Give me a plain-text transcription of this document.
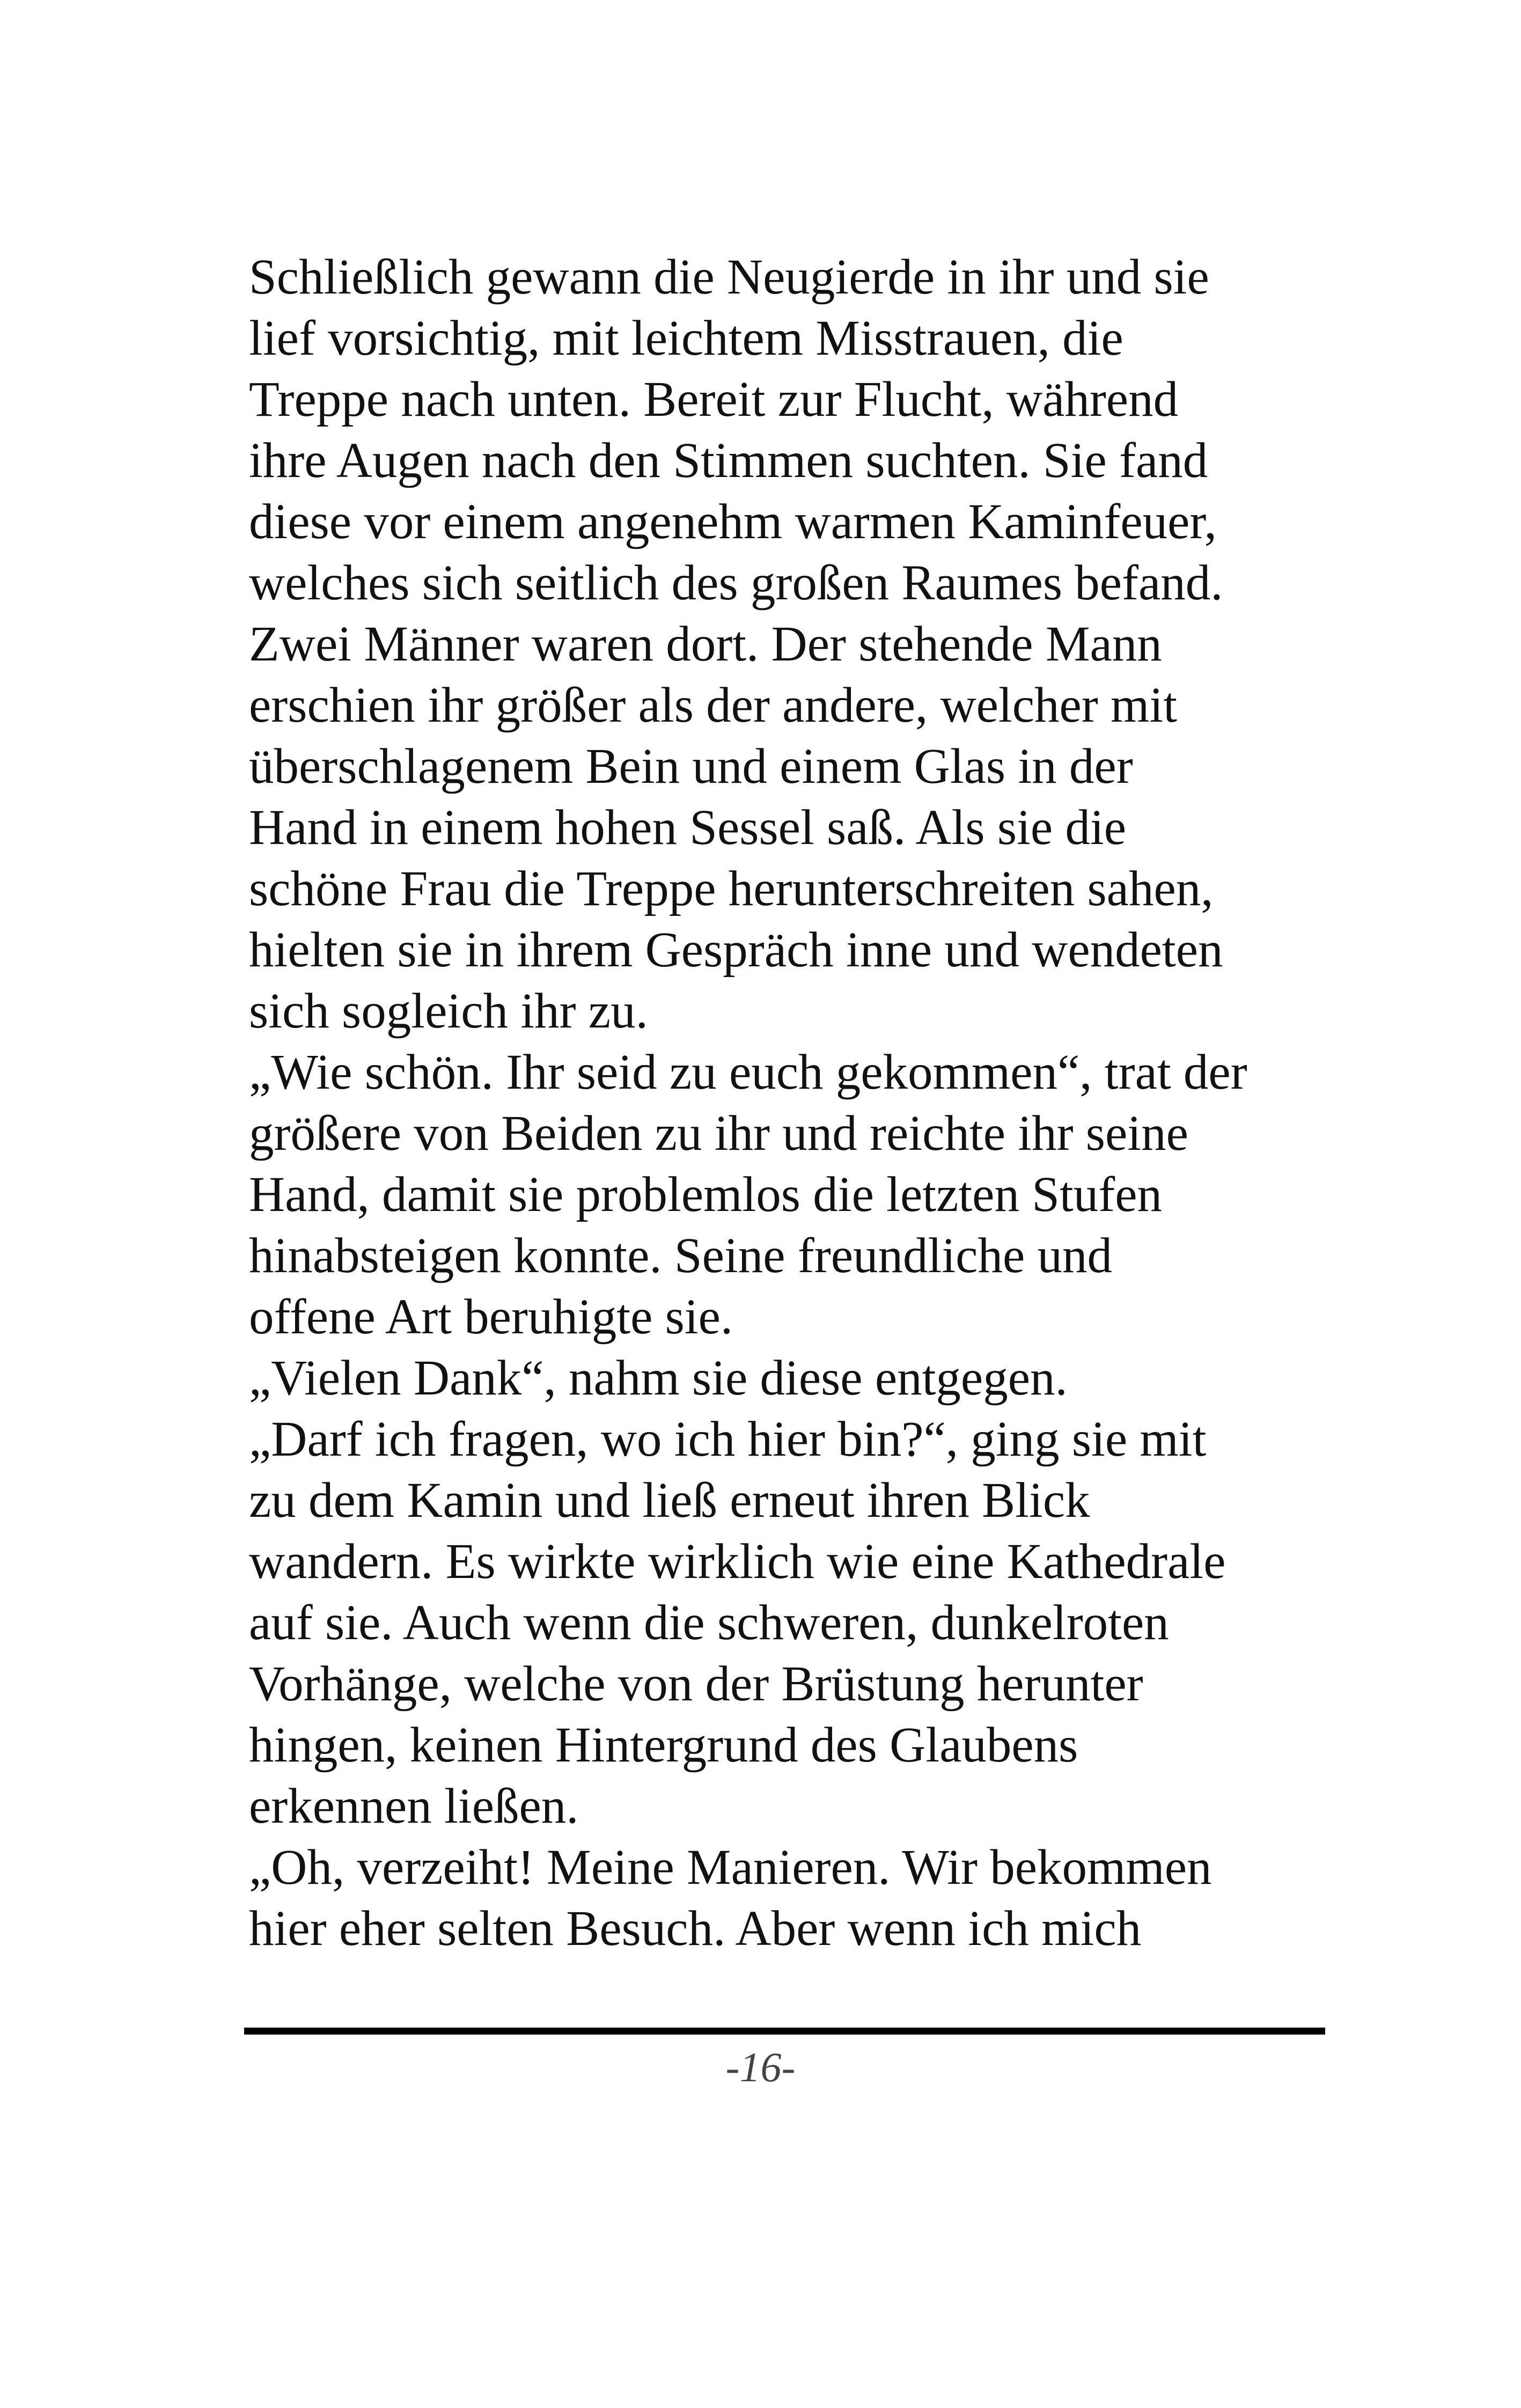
Schließlich gewann die Neugierde in ihr und sie
lief vorsichtig, mit leichtem Misstrauen, die
Treppe nach unten. Bereit zur Flucht, während
ihre Augen nach den Stimmen suchten. Sie fand
diese vor einem angenehm warmen Kaminfeuer,
welches sich seitlich des großen Raumes befand.
Zwei Männer waren dort. Der stehende Mann
erschien ihr größer als der andere, welcher mit
überschlagenem Bein und einem Glas in der
Hand in einem hohen Sessel saß. Als sie die
schöne Frau die Treppe herunterschreiten sahen,
hielten sie in ihrem Gespräch inne und wendeten
sich sogleich ihr zu.
„Wie schön. Ihr seid zu euch gekommen“, trat der
größere von Beiden zu ihr und reichte ihr seine
Hand, damit sie problemlos die letzten Stufen
hinabsteigen konnte. Seine freundliche und
offene Art beruhigte sie.
„Vielen Dank“, nahm sie diese entgegen.
„Darf ich fragen, wo ich hier bin?“, ging sie mit
zu dem Kamin und ließ erneut ihren Blick
wandern. Es wirkte wirklich wie eine Kathedrale
auf sie. Auch wenn die schweren, dunkelroten
Vorhänge, welche von der Brüstung herunter
hingen, keinen Hintergrund des Glaubens
erkennen ließen.
„Oh, verzeiht! Meine Manieren. Wir bekommen
hier eher selten Besuch. Aber wenn ich mich
-16-
